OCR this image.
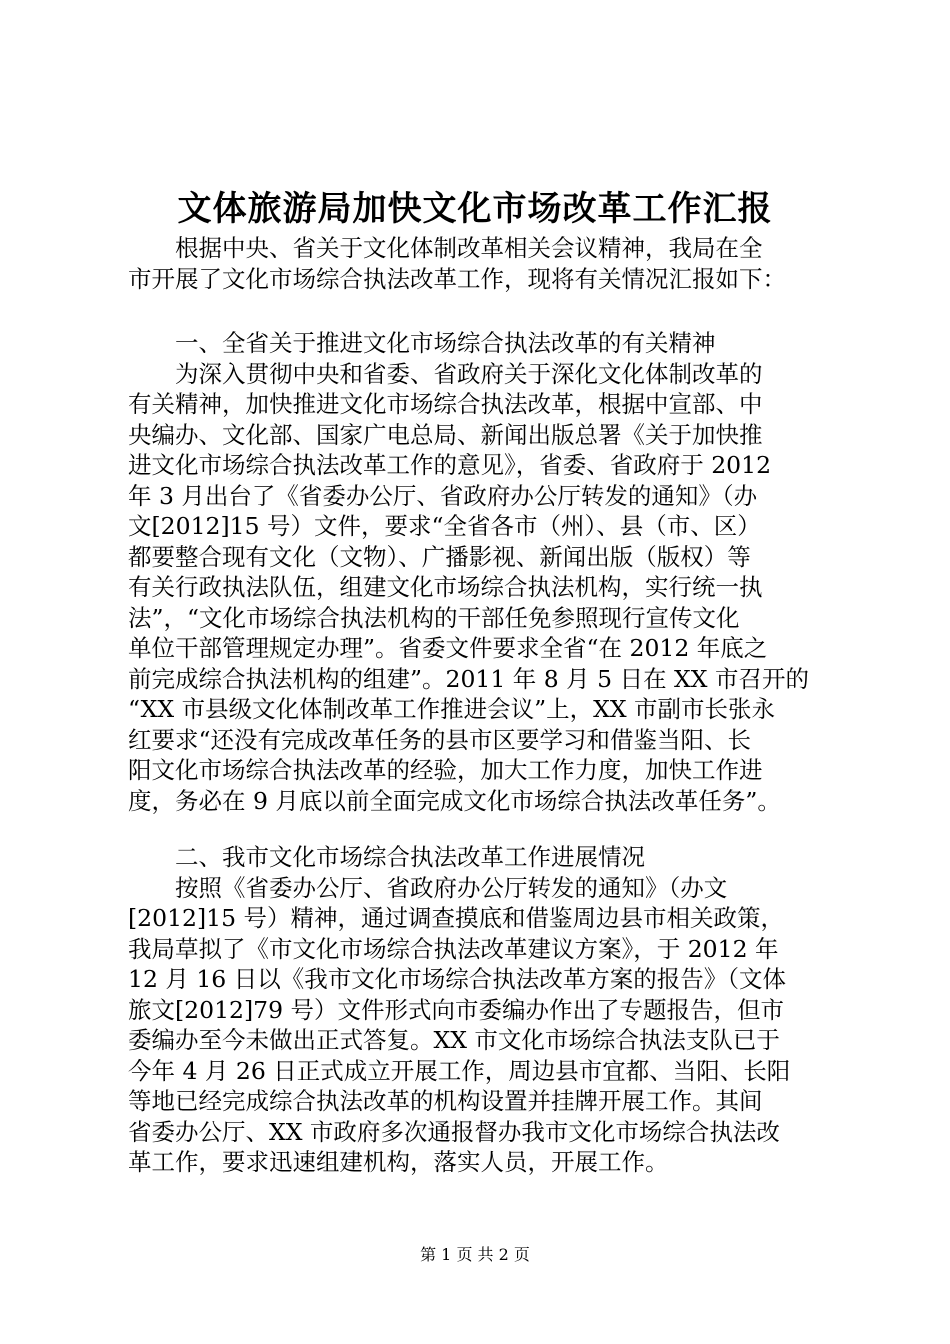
文体旅游局加快文化市场改革工作汇报
　　根据中央、省关于文化体制改革相关会议精神，我局在全
市开展了文化市场综合执法改革工作，现将有关情况汇报如下：
　　一、全省关于推进文化市场综合执法改革的有关精神
　　为深入贯彻中央和省委、省政府关于深化文化体制改革的
有关精神，加快推进文化市场综合执法改革，根据中宣部、中
央编办、文化部、国家广电总局、新闻出版总署《关于加快推
进文化市场综合执法改革工作的意见》，省委、省政府于 2012
年 3 月出台了《省委办公厅、省政府办公厅转发的通知》（办
文[2012]15 号）文件，要求“全省各市（州）、县（市、区）
都要整合现有文化（文物）、广播影视、新闻出版（版权）等
有关行政执法队伍，组建文化市场综合执法机构，实行统一执
法”，“文化市场综合执法机构的干部任免参照现行宣传文化
单位干部管理规定办理”。省委文件要求全省“在 2012 年底之
前完成综合执法机构的组建”。2011 年 8 月 5 日在 XX 市召开的
“XX 市县级文化体制改革工作推进会议”上，XX 市副市长张永
红要求“还没有完成改革任务的县市区要学习和借鉴当阳、长
阳文化市场综合执法改革的经验，加大工作力度，加快工作进
度，务必在 9 月底以前全面完成文化市场综合执法改革任务”。
　　二、我市文化市场综合执法改革工作进展情况
　　按照《省委办公厅、省政府办公厅转发的通知》（办文
[2012]15 号）精神，通过调查摸底和借鉴周边县市相关政策，
我局草拟了《市文化市场综合执法改革建议方案》，于 2012 年
12 月 16 日以《我市文化市场综合执法改革方案的报告》（文体
旅文[2012]79 号）文件形式向市委编办作出了专题报告，但市
委编办至今未做出正式答复。XX 市文化市场综合执法支队已于
今年 4 月 26 日正式成立开展工作，周边县市宜都、当阳、长阳
等地已经完成综合执法改革的机构设置并挂牌开展工作。其间
省委办公厅、XX 市政府多次通报督办我市文化市场综合执法改
革工作，要求迅速组建机构，落实人员，开展工作。
第 1 页 共 2 页
